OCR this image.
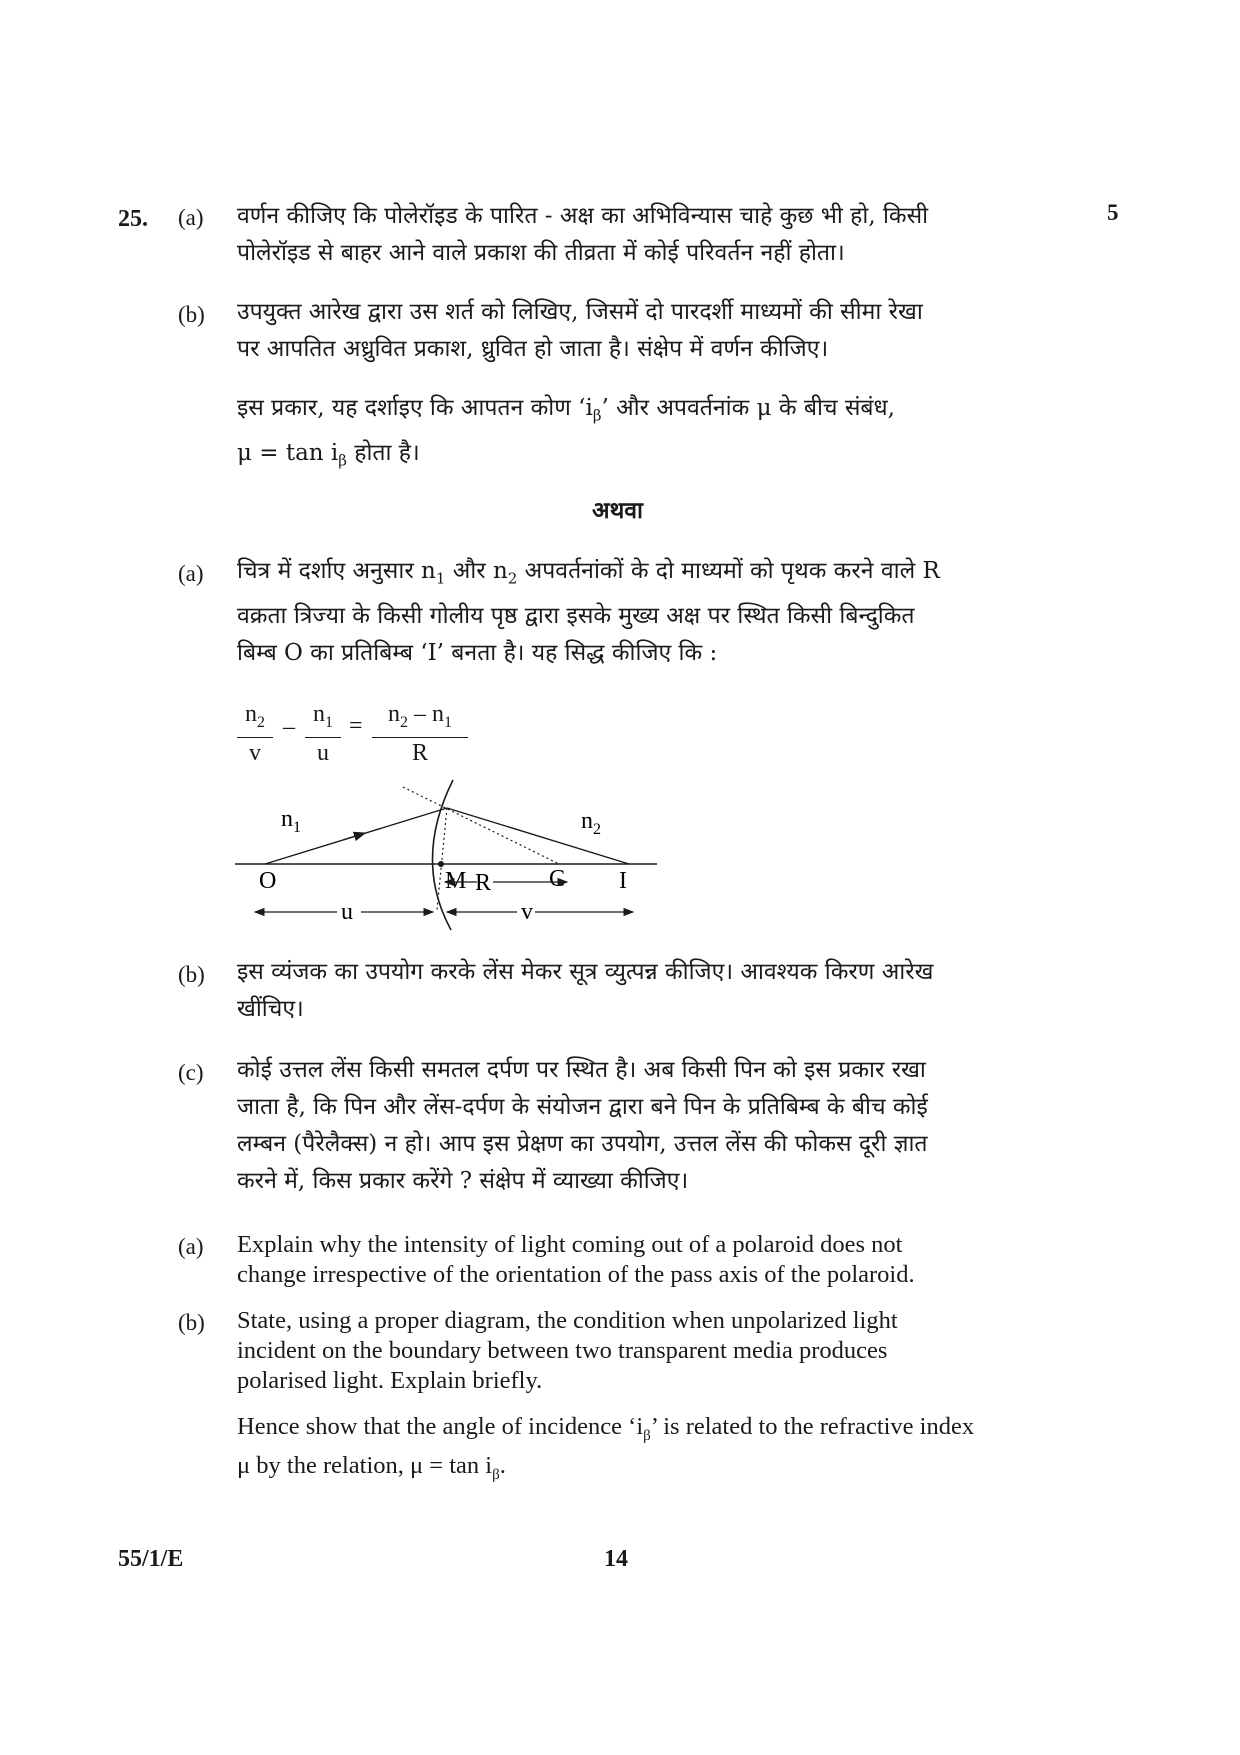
25.	5
(a) वर्णन कीजिए कि पोलेरॉइड के पारित - अक्ष का अभिविन्यास चाहे कुछ भी हो, किसी
पोलेरॉइड से बाहर आने वाले प्रकाश की तीव्रता में कोई परिवर्तन नहीं होता।
(b) उपयुक्त आरेख द्वारा उस शर्त को लिखिए, जिसमें दो पारदर्शी माध्यमों की सीमा रेखा
पर आपतित अध्रुवित प्रकाश, ध्रुवित हो जाता है। संक्षेप में वर्णन कीजिए।
इस प्रकार, यह दर्शाइए कि आपतन कोण ‘$i_\beta$’ और अपवर्तनांक μ के बीच संबंध,
$\mu = \tan i_\beta$ होता है।
अथवा
(a) चित्र में दर्शाए अनुसार $n_1$ और $n_2$ अपवर्तनांकों के दो माध्यमों को पृथक करने वाले R
वक्रता त्रिज्या के किसी गोलीय पृष्ठ द्वारा इसके मुख्य अक्ष पर स्थित किसी बिन्दुकित
बिम्ब O का प्रतिबिम्ब ‘I’ बनता है। यह सिद्ध कीजिए कि :
$\frac{n_2}{v} - \frac{n_1}{u} = \frac{n_2 - n_1}{R}$
$n_1$	$n_2$
O	M	C I
R
u	v
(b) इस व्यंजक का उपयोग करके लेंस मेकर सूत्र व्युत्पन्न कीजिए। आवश्यक किरण आरेख
खींचिए।
(c) कोई उत्तल लेंस किसी समतल दर्पण पर स्थित है। अब किसी पिन को इस प्रकार रखा
जाता है, कि पिन और लेंस-दर्पण के संयोजन द्वारा बने पिन के प्रतिबिम्ब के बीच कोई
लम्बन (पैरेलैक्स) न हो। आप इस प्रेक्षण का उपयोग, उत्तल लेंस की फोकस दूरी ज्ञात
करने में, किस प्रकार करेंगे ? संक्षेप में व्याख्या कीजिए।
(a) Explain why the intensity of light coming out of a polaroid does not
change irrespective of the orientation of the pass axis of the polaroid.
(b) State, using a proper diagram, the condition when unpolarized light
incident on the boundary between two transparent media produces
polarised light. Explain briefly.
Hence show that the angle of incidence ‘$i_\beta$’ is related to the refractive index
μ by the relation, $\mu = \tan i_\beta$.
55/1/E	14
